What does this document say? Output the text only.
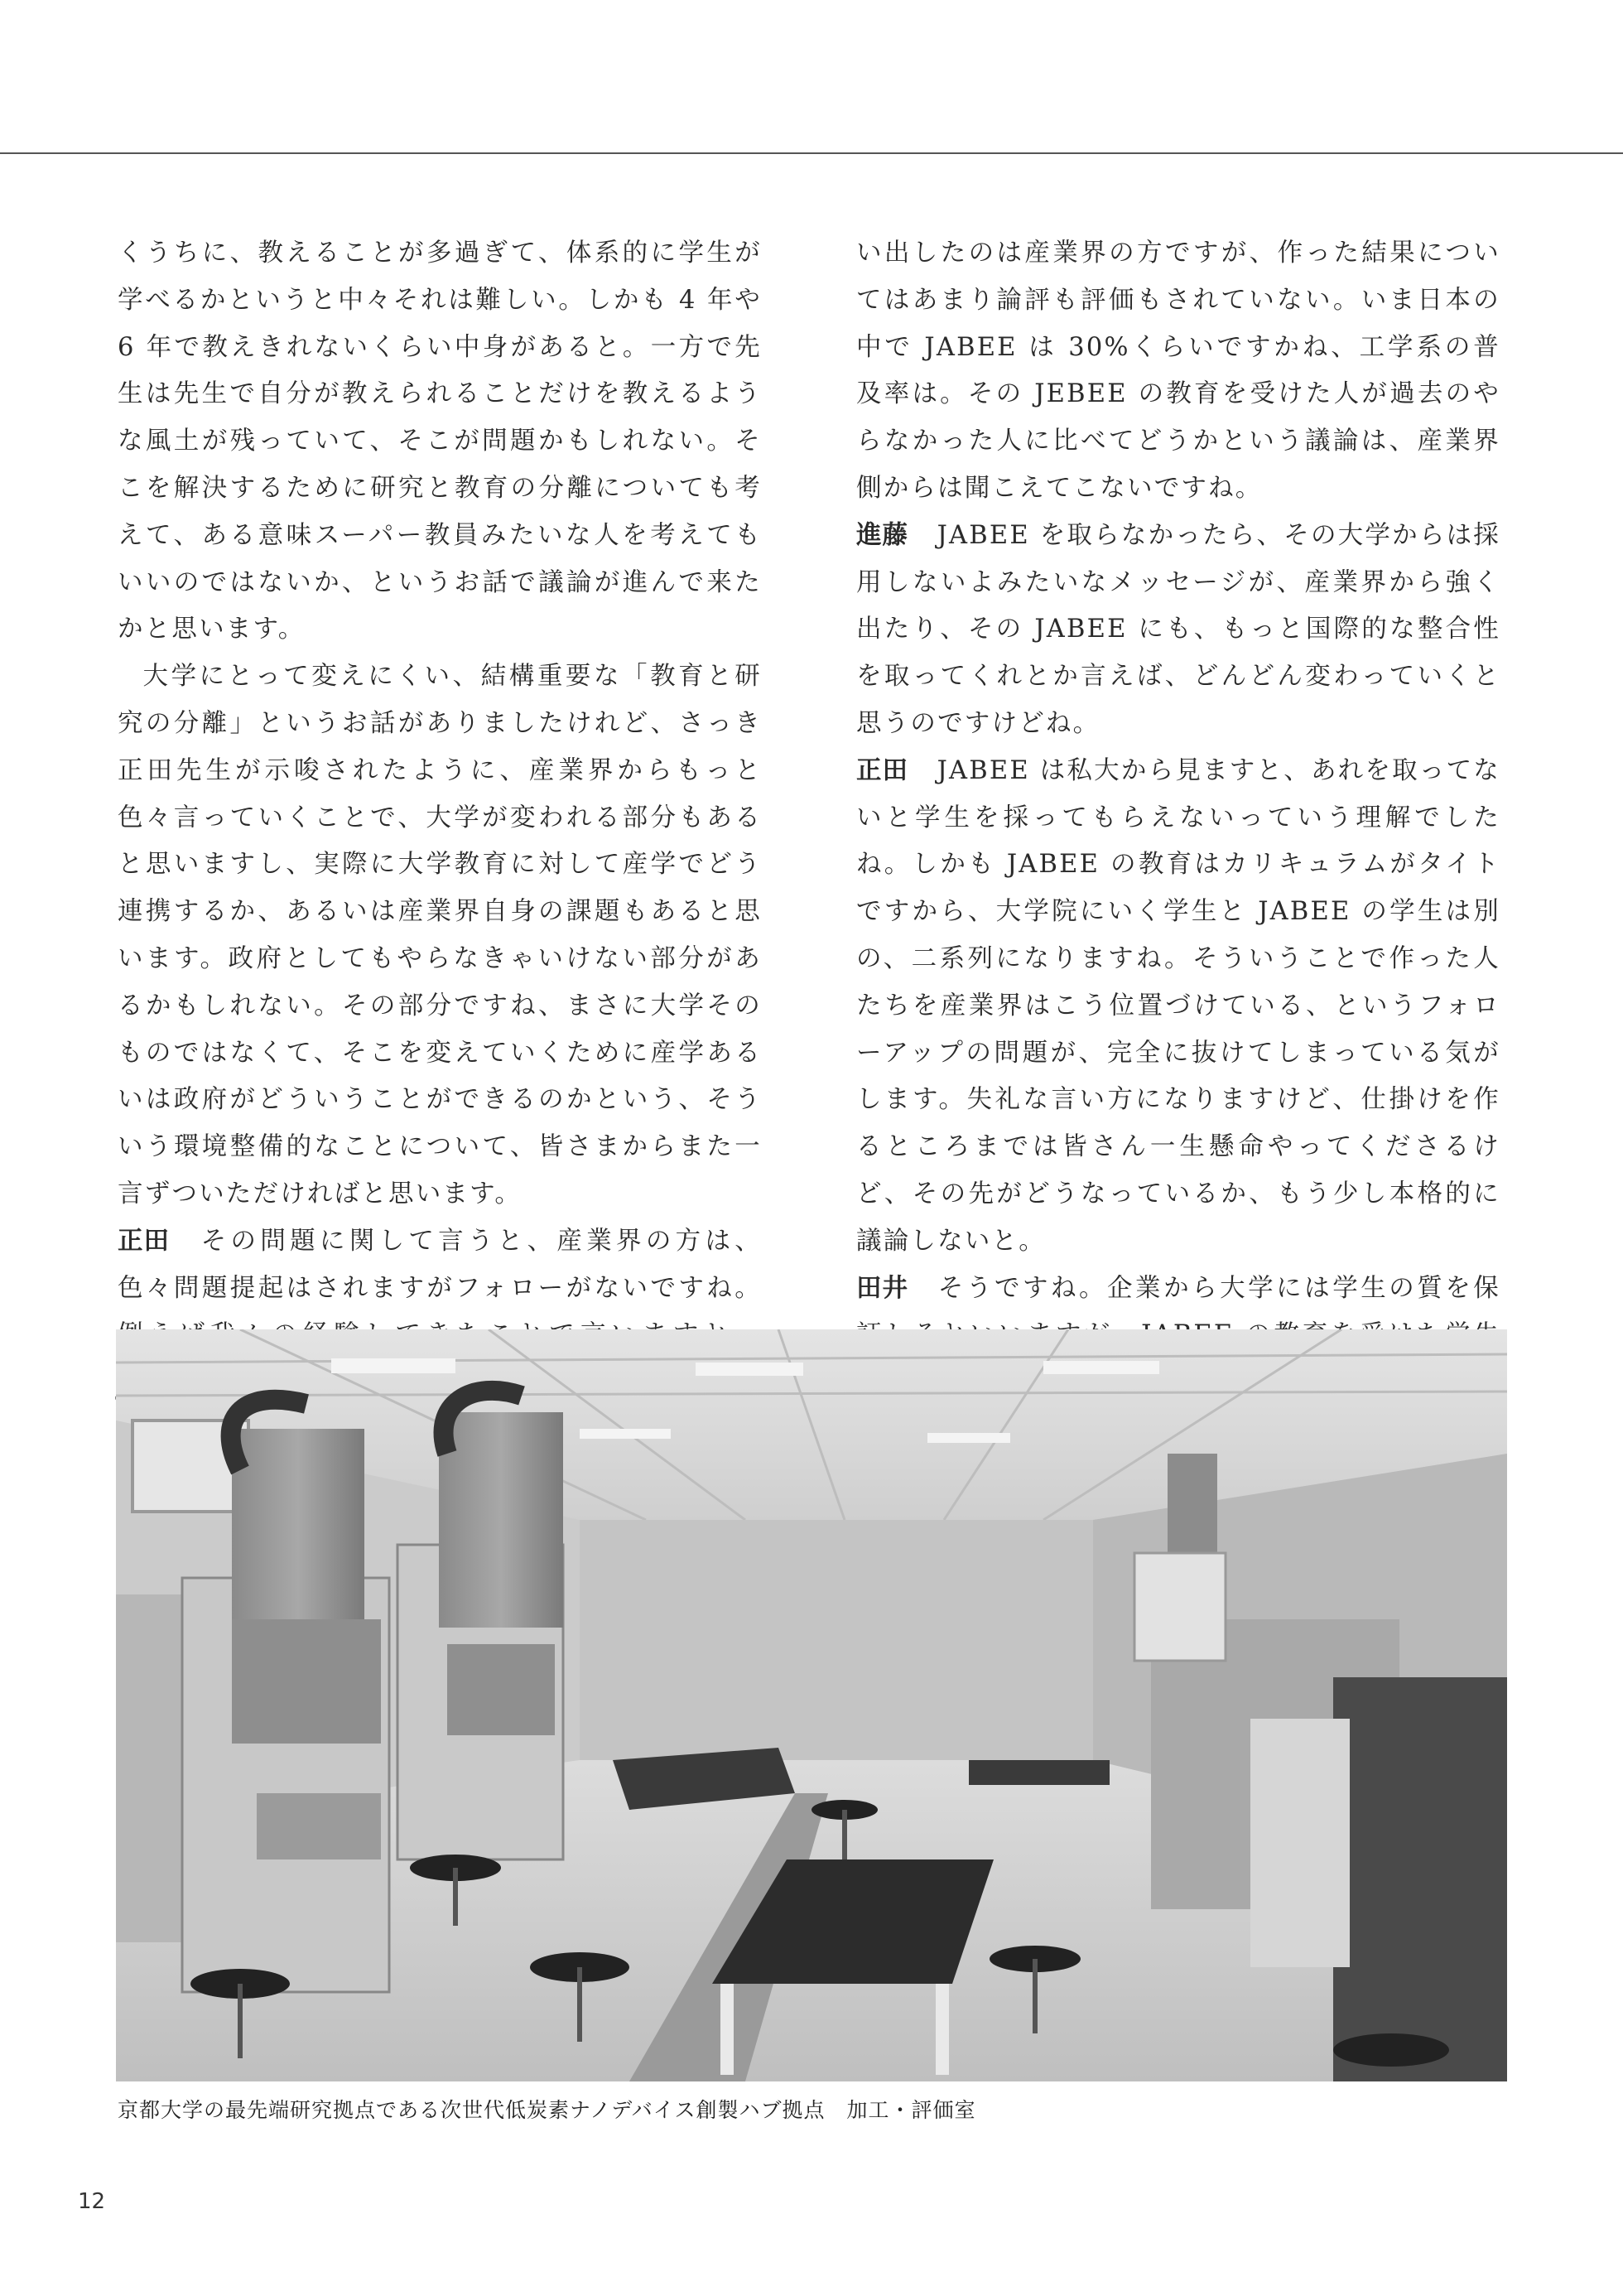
くうちに、教えることが多過ぎて、体系的に学生が学べるかというと中々それは難しい。しかも 4 年や 6 年で教えきれないくらい中身があると。一方で先生は先生で自分が教えられることだけを教えるような風土が残っていて、そこが問題かもしれない。そこを解決するために研究と教育の分離についても考えて、ある意味スーパー教員みたいな人を考えてもいいのではないか、というお話で議論が進んで来たかと思います。

大学にとって変えにくい、結構重要な「教育と研究の分離」というお話がありましたけれど、さっき正田先生が示唆されたように、産業界からもっと色々言っていくことで、大学が変われる部分もあると思いますし、実際に大学教育に対して産学でどう連携するか、あるいは産業界自身の課題もあると思います。政府としてもやらなきゃいけない部分があるかもしれない。その部分ですね、まさに大学そのものではなくて、そこを変えていくために産学あるいは政府がどういうことができるのかという、そういう環境整備的なことについて、皆さまからまた一言ずついただければと思います。

正田 その問題に関して言うと、産業界の方は、色々問題提起はされますがフォローがないですね。

い出したのは産業界の方ですが、作った結果についてはあまり論評も評価もされていない。いま日本の中で JABEE は 30%くらいですかね、工学系の普及率は。その JEBEE の教育を受けた人が過去のやらなかった人に比べてどうかという議論は、産業界側からは聞こえてこないですね。

進藤 JABEE を取らなかったら、その大学からは採用しないよみたいなメッセージが、産業界から強く出たり、その JABEE にも、もっと国際的な整合性を取ってくれとか言えば、どんどん変わっていくと思うのですけどね。

正田 JABEE は私大から見ますと、あれを取ってないと学生を採ってもらえないっていう理解でしたね。しかも JABEE の教育はカリキュラムがタイトですから、大学院にいく学生と JABEE の学生は別の、二系列になりますね。そういうことで作った人たちを産業界はこう位置づけている、というフォローアップの問題が、完全に抜けてしまっている気がします。失礼な言い方になりますけど、仕掛けを作るところまでは皆さん一生懸命やってくださるけど、その先がどうなっているか、もう少し本格的に議論しないと。

田井 そうですね。企業から大学には学生の質を保

京都大学の最先端研究拠点である次世代低炭素ナノデバイス創製ハブ拠点　加工・評価室
12
